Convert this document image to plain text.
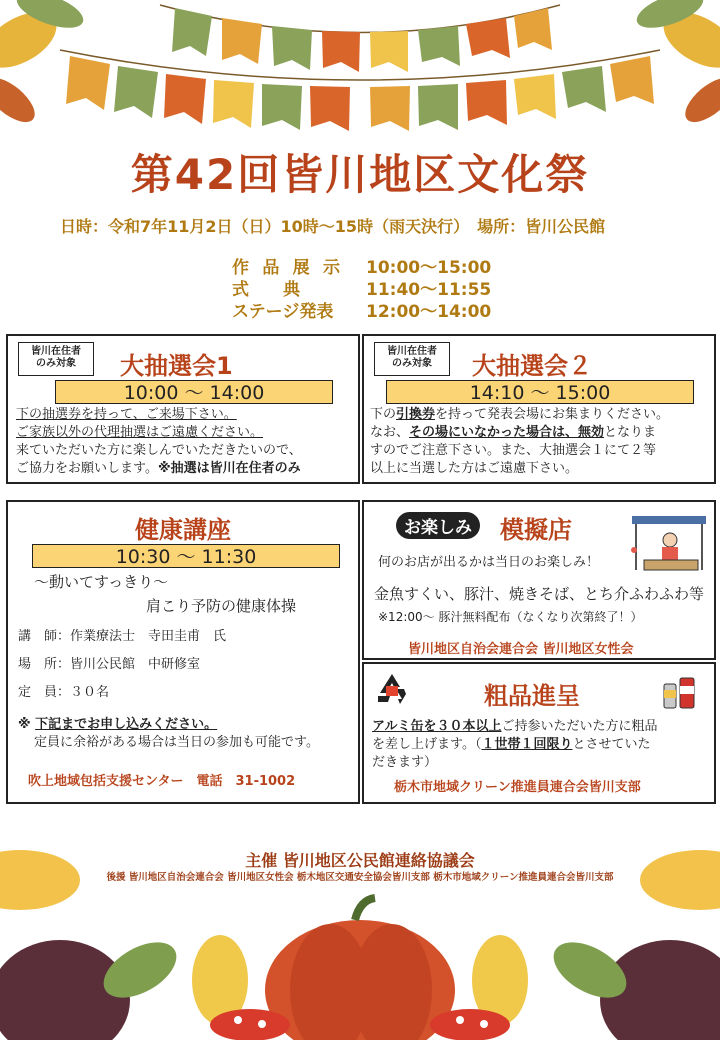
第42回皆川地区文化祭
日時：令和7年11月2日（日）10時～15時（雨天決行）　場所：皆川公民館
作品展示 10:00～15:00
式　　典	11:40～11:55
ステージ発表 12:00～14:00
皆川在住者
のみ対象	大抽選会1
10:00 ～ 14:00
下の抽選券を持って、ご来場下さい。
ご家族以外の代理抽選はご遠慮ください。
来ていただいた方に楽しんでいただきたいので、
ご協力をお願いします。※抽選は皆川在住者のみ
皆川在住者
のみ対象	大抽選会２
14:10 ～ 15:00
下の引換券を持って発表会場にお集まりください。
なお、その場にいなかった場合は、無効となりま
すのでご注意下さい。また、大抽選会１にて２等
以上に当選した方はご遠慮下さい。
健康講座
10:30 ～ 11:30
～動いてすっきり～
肩こり予防の健康体操
講　師：作業療法士　寺田圭甫　氏
場　所：皆川公民館　中研修室
定　員：３０名
※ 下記までお申し込みください。
定員に余裕がある場合は当日の参加も可能です。
吹上地域包括支援センター　電話　31-1002
お楽しみ	模擬店
何のお店が出るかは当日のお楽しみ！
金魚すくい、豚汁、焼きそば、とち介ふわふわ等
※12:00～ 豚汁無料配布（なくなり次第終了！）
皆川地区自治会連合会 皆川地区女性会
粗品進呈
アルミ缶を３０本以上ご持参いただいた方に粗品
を差し上げます。（１世帯１回限りとさせていた
だきます）
栃木市地域クリーン推進員連合会皆川支部
主催 皆川地区公民館連絡協議会
後援 皆川地区自治会連合会 皆川地区女性会 栃木地区交通安全協会皆川支部 栃木市地域クリーン推進員連合会皆川支部
